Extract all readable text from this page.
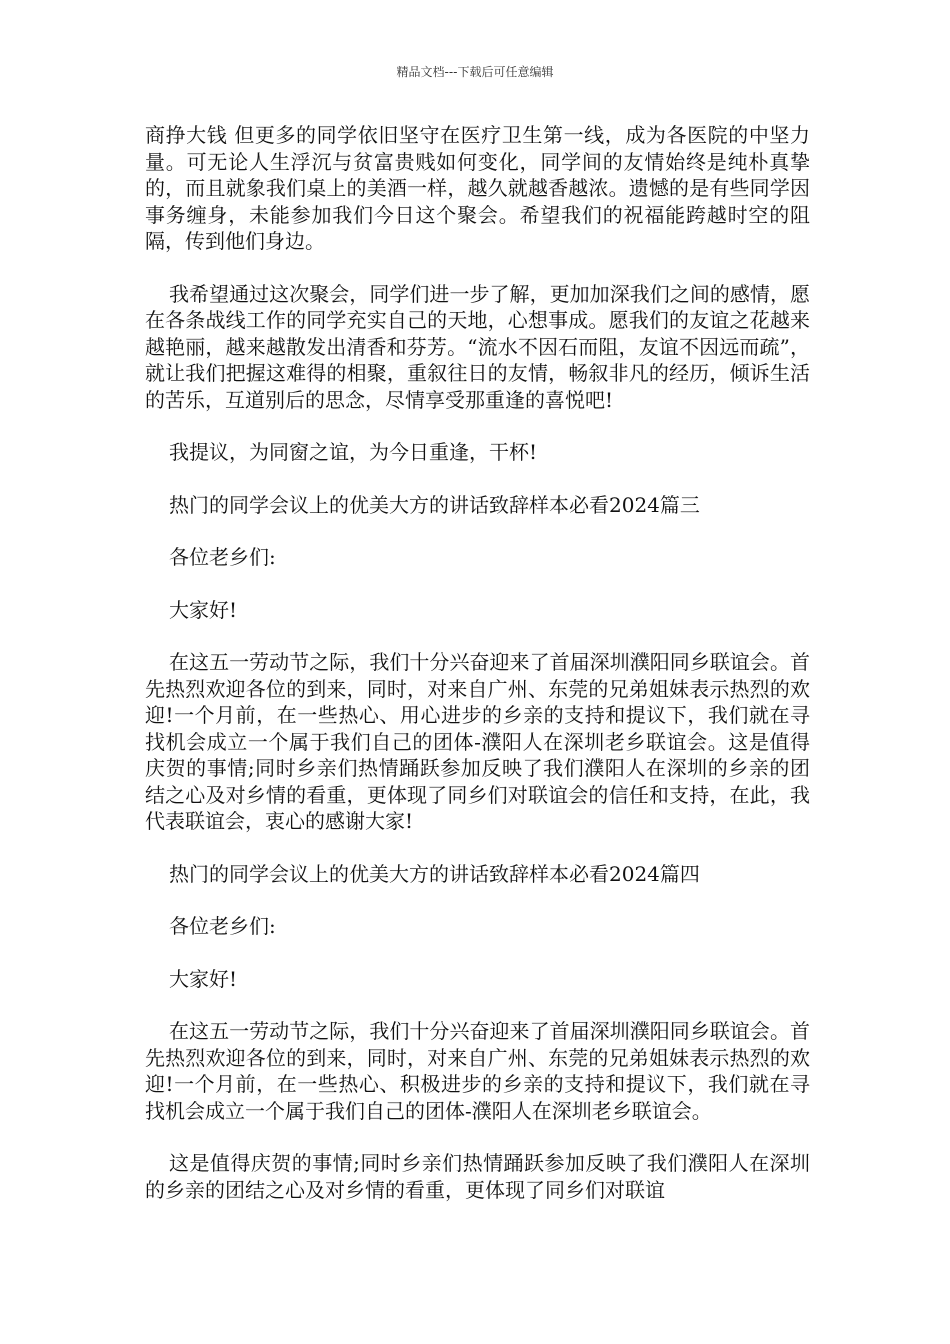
精品文档---下载后可任意编辑

商挣大钱 但更多的同学依旧坚守在医疗卫生第一线，成为各医院的中坚力量。可无论人生浮沉与贫富贵贱如何变化，同学间的友情始终是纯朴真挚的，而且就象我们桌上的美酒一样，越久就越香越浓。遗憾的是有些同学因事务缠身，未能参加我们今日这个聚会。希望我们的祝福能跨越时空的阻隔，传到他们身边。

我希望通过这次聚会，同学们进一步了解，更加加深我们之间的感情，愿在各条战线工作的同学充实自己的天地，心想事成。愿我们的友谊之花越来越艳丽，越来越散发出清香和芬芳。“流水不因石而阻，友谊不因远而疏”，就让我们把握这难得的相聚，重叙往日的友情，畅叙非凡的经历，倾诉生活的苦乐，互道别后的思念，尽情享受那重逢的喜悦吧!

我提议，为同窗之谊，为今日重逢，干杯!

热门的同学会议上的优美大方的讲话致辞样本必看2024篇三

各位老乡们:

大家好!

在这五一劳动节之际，我们十分兴奋迎来了首届深圳濮阳同乡联谊会。首先热烈欢迎各位的到来，同时，对来自广州、东莞的兄弟姐妹表示热烈的欢迎!一个月前，在一些热心、用心进步的乡亲的支持和提议下，我们就在寻找机会成立一个属于我们自己的团体-濮阳人在深圳老乡联谊会。这是值得庆贺的事情;同时乡亲们热情踊跃参加反映了我们濮阳人在深圳的乡亲的团结之心及对乡情的看重，更体现了同乡们对联谊会的信任和支持，在此，我代表联谊会，衷心的感谢大家!

热门的同学会议上的优美大方的讲话致辞样本必看2024篇四

各位老乡们:

大家好!

在这五一劳动节之际，我们十分兴奋迎来了首届深圳濮阳同乡联谊会。首先热烈欢迎各位的到来，同时，对来自广州、东莞的兄弟姐妹表示热烈的欢迎!一个月前，在一些热心、积极进步的乡亲的支持和提议下，我们就在寻找机会成立一个属于我们自己的团体-濮阳人在深圳老乡联谊会。

这是值得庆贺的事情;同时乡亲们热情踊跃参加反映了我们濮阳人在深圳的乡亲的团结之心及对乡情的看重，更体现了同乡们对联谊
